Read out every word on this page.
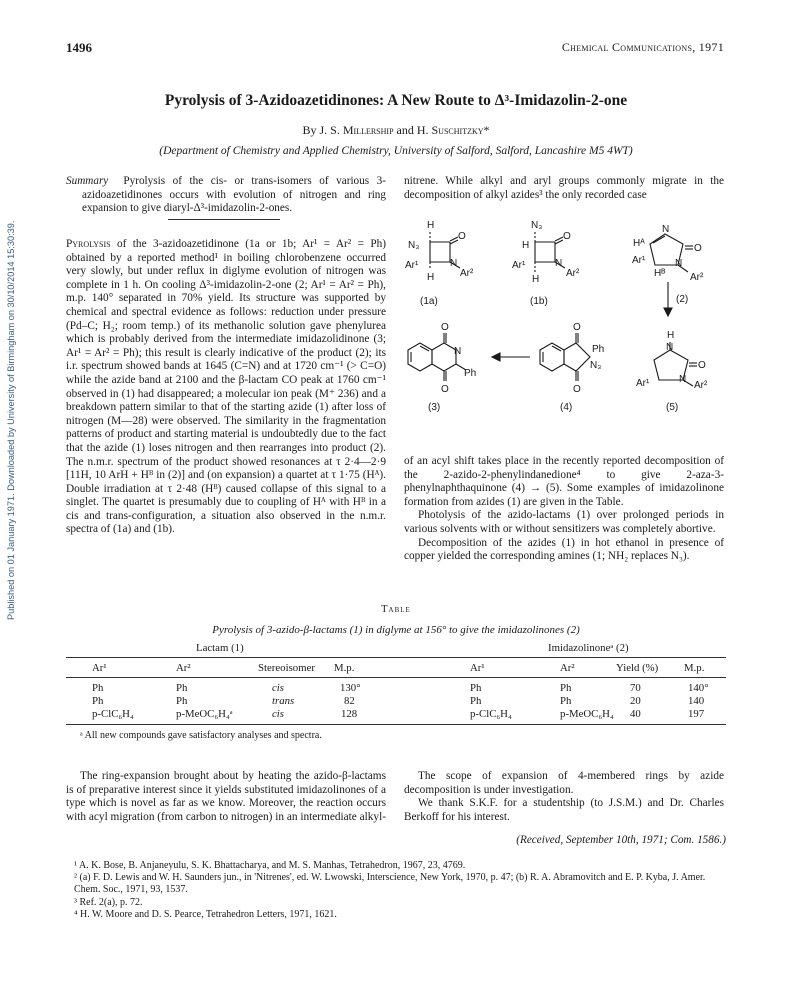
Published on 01 January 1971. Downloaded by University of Birmingham on 30/10/2014 15:30:39.
1496	Chemical Communications, 1971
Pyrolysis of 3-Azidoazetidinones: A New Route to Δ³-Imidazolin-2-one
By J. S. Millership and H. Suschitzky*
(Department of Chemistry and Applied Chemistry, University of Salford, Salford, Lancashire M5 4WT)

Summary Pyrolysis of the cis- or trans-isomers of various 3-azidoazetidinones occurs with evolution of nitrogen and ring expansion to give diaryl-Δ³-imidazolin-2-ones.

Pyrolysis of the 3-azidoazetidinone (1a or 1b; Ar¹ = Ar² = Ph) obtained by a reported method¹ in boiling chlorobenzene occurred very slowly, but under reflux in diglyme evolution of nitrogen was complete in 1 h. On cooling Δ³-imidazolin-2-one (2; Ar¹ = Ar² = Ph), m.p. 140° separated in 70% yield. Its structure was supported by chemical and spectral evidence as follows: reduction under pressure (Pd–C; H₂; room temp.) of its methanolic solution gave phenylurea which is probably derived from the intermediate imidazolidinone (3; Ar¹ = Ar² = Ph); this result is clearly indicative of the product (2); its i.r. spectrum showed bands at 1645 (C=N) and at 1720 cm⁻¹ (> C=O) while the azide band at 2100 and the β-lactam CO peak at 1760 cm⁻¹ observed in (1) had disappeared; a molecular ion peak (M⁺ 236) and a breakdown pattern similar to that of the starting azide (1) after loss of nitrogen (M—28) were observed. The similarity in the fragmentation patterns of product and starting material is undoubtedly due to the fact that the azide (1) loses nitrogen and then rearranges into product (2). The n.m.r. spectrum of the product showed resonances at τ 2·4—2·9 [11H, 10 ArH + Hᴮ in (2)] and (on expansion) a quartet at τ 1·75 (Hᴬ). Double irradiation at τ 2·48 (Hᴮ) caused collapse of this signal to a singlet. The quartet is presumably due to coupling of Hᴬ with Hᴮ in a cis and trans-configuration, a situation also observed in the n.m.r. spectra of (1a) and (1b).

nitrene. While alkyl and aryl groups commonly migrate in the decomposition of alkyl azides³ the only recorded case

H
N₃
O
Ar¹
H
N
Ar²
(1a)
N₃
H
O
Ar¹
H
N
Ar²
(1b)
N
O
Hᴬ
Ar¹
Hᴮ
N
Ar²
(2)
H
N
O
Ar¹	N
Ar²
(5)
O
Ph
N₃
O
(4)
O
N
Ph
O
(3)

of an acyl shift takes place in the recently reported decomposition of the 2-azido-2-phenylindanedione⁴ to give 2-aza-3-phenylnaphthaquinone (4) → (5). Some examples of imidazolinone formation from azides (1) are given in the Table.

Photolysis of the azido-lactams (1) over prolonged periods in various solvents with or without sensitizers was completely abortive.

Decomposition of the azides (1) in hot ethanol in presence of copper yielded the corresponding amines (1; NH₂ replaces N₃).

Table
Pyrolysis of 3-azido-β-lactams (1) in diglyme at 156° to give the imidazolinones (2)
Lactam (1)	Imidazolinoneᵃ (2)
Ar¹	Ar²	Stereoisomer M.p.	Ar¹	Ar²	Yield (%) M.p.
Ph	Ph	cis	130°	Ph	Ph	70	140°
Ph	Ph	trans	82	Ph	Ph	20	140
p-ClC₆H₄	p-MeOC₆H₄ᵃ	cis	128	p-ClC₆H₄	p-MeOC₆H₄ 40	197
ᵃ All new compounds gave satisfactory analyses and spectra.

The ring-expansion brought about by heating the azido-β-lactams is of preparative interest since it yields substituted imidazolinones of a type which is novel as far as we know. Moreover, the reaction occurs with acyl migration (from carbon to nitrogen) in an intermediate alkyl-

The scope of expansion of 4-membered rings by azide decomposition is under investigation.

We thank S.K.F. for a studentship (to J.S.M.) and Dr. Charles Berkoff for his interest.

(Received, September 10th, 1971; Com. 1586.)

¹ A. K. Bose, B. Anjaneyulu, S. K. Bhattacharya, and M. S. Manhas, Tetrahedron, 1967, 23, 4769.

² (a) F. D. Lewis and W. H. Saunders jun., in 'Nitrenes', ed. W. Lwowski, Interscience, New York, 1970, p. 47; (b) R. A. Abramovitch and E. P. Kyba, J. Amer. Chem. Soc., 1971, 93, 1537.

³ Ref. 2(a), p. 72.

⁴ H. W. Moore and D. S. Pearce, Tetrahedron Letters, 1971, 1621.
